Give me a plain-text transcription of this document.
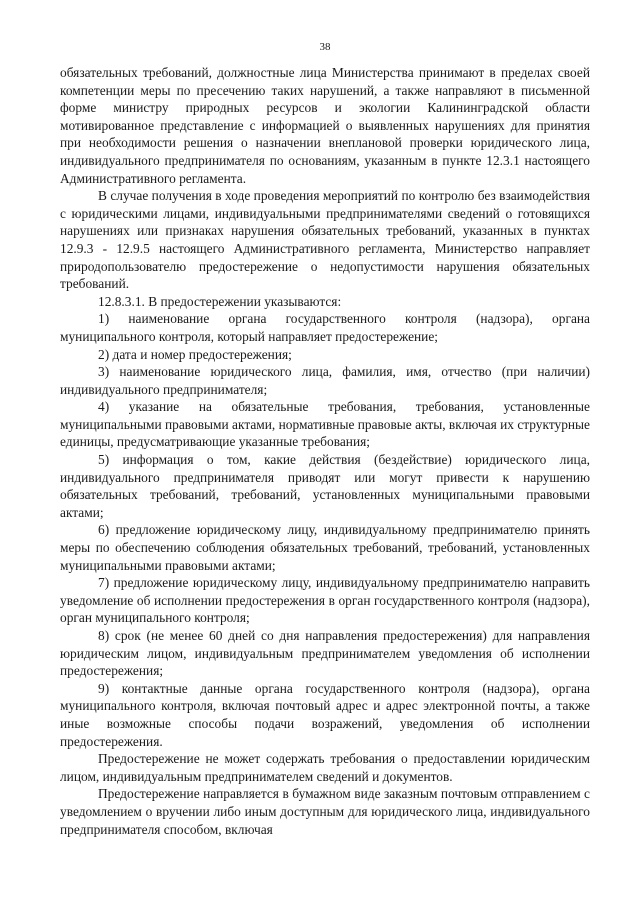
38

обязательных требований, должностные лица Министерства принимают в пределах своей компетенции меры по пресечению таких нарушений, а также направляют в письменной форме министру природных ресурсов и экологии Калининградской области мотивированное представление с информацией о выявленных нарушениях для принятия при необходимости решения о назначении внеплановой проверки юридического лица, индивидуального предпринимателя по основаниям, указанным в пункте 12.3.1 настоящего Административного регламента.

В случае получения в ходе проведения мероприятий по контролю без взаимодействия с юридическими лицами, индивидуальными предпринимателями сведений о готовящихся нарушениях или признаках нарушения обязательных требований, указанных в пунктах 12.9.3 - 12.9.5 настоящего Административного регламента, Министерство направляет природопользователю предостережение о недопустимости нарушения обязательных требований.

12.8.3.1. В предостережении указываются:

1) наименование органа государственного контроля (надзора), органа муниципального контроля, который направляет предостережение;

2) дата и номер предостережения;

3) наименование юридического лица, фамилия, имя, отчество (при наличии) индивидуального предпринимателя;

4) указание на обязательные требования, требования, установленные муниципальными правовыми актами, нормативные правовые акты, включая их структурные единицы, предусматривающие указанные требования;

5) информация о том, какие действия (бездействие) юридического лица, индивидуального предпринимателя приводят или могут привести к нарушению обязательных требований, требований, установленных муниципальными правовыми актами;

6) предложение юридическому лицу, индивидуальному предпринимателю принять меры по обеспечению соблюдения обязательных требований, требований, установленных муниципальными правовыми актами;

7) предложение юридическому лицу, индивидуальному предпринимателю направить уведомление об исполнении предостережения в орган государственного контроля (надзора), орган муниципального контроля;

8) срок (не менее 60 дней со дня направления предостережения) для направления юридическим лицом, индивидуальным предпринимателем уведомления об исполнении предостережения;

9) контактные данные органа государственного контроля (надзора), органа муниципального контроля, включая почтовый адрес и адрес электронной почты, а также иные возможные способы подачи возражений, уведомления об исполнении предостережения.

Предостережение не может содержать требования о предоставлении юридическим лицом, индивидуальным предпринимателем сведений и документов.

Предостережение направляется в бумажном виде заказным почтовым отправлением с уведомлением о вручении либо иным доступным для юридического лица, индивидуального предпринимателя способом, включая
